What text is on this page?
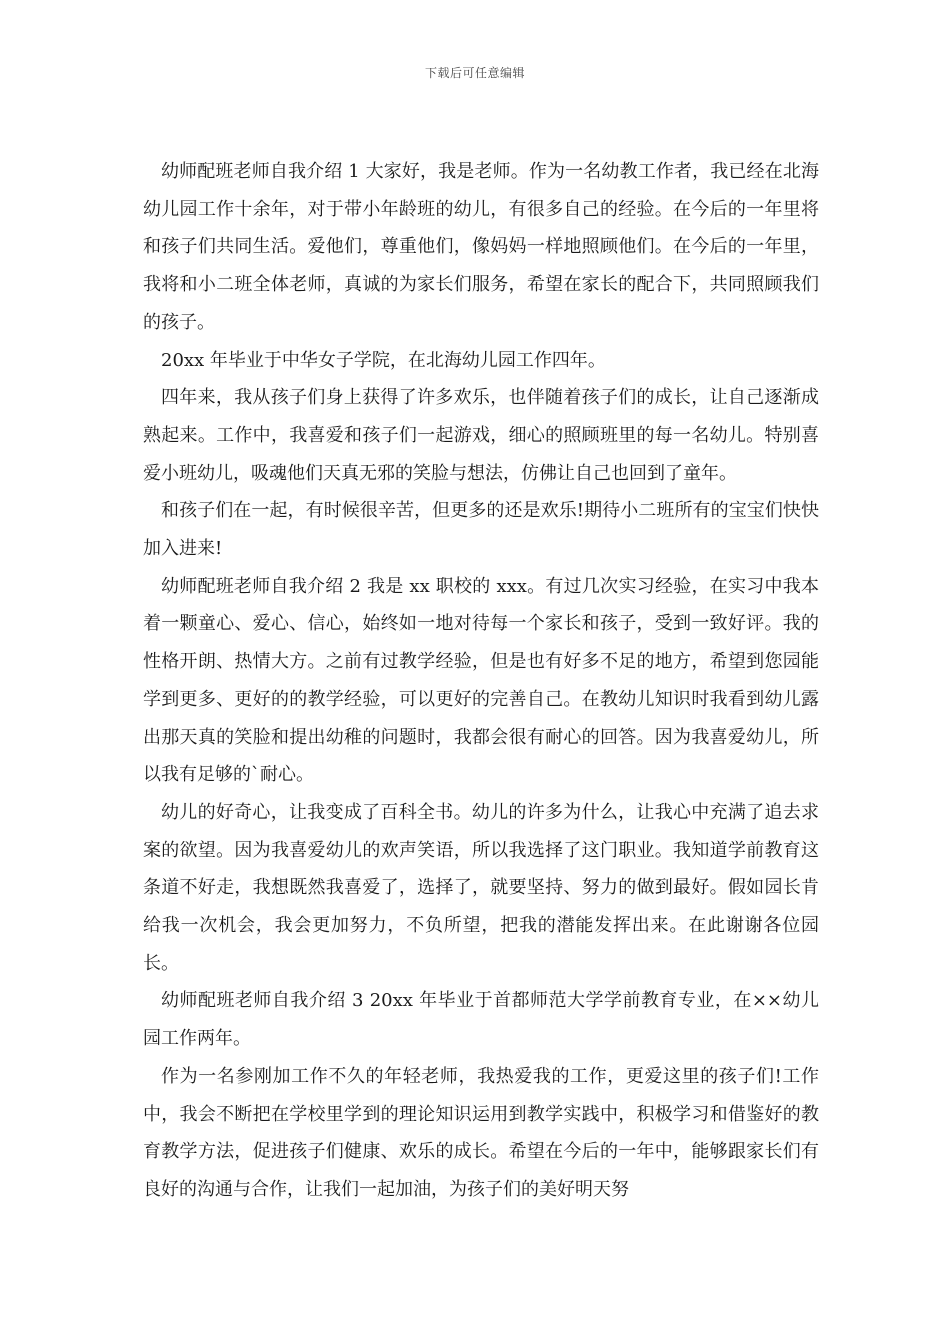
下载后可任意编辑

幼师配班老师自我介绍 1 大家好，我是老师。作为一名幼教工作者，我已经在北海幼儿园工作十余年，对于带小年龄班的幼儿，有很多自己的经验。在今后的一年里将和孩子们共同生活。爱他们，尊重他们，像妈妈一样地照顾他们。在今后的一年里，我将和小二班全体老师，真诚的为家长们服务，希望在家长的配合下，共同照顾我们的孩子。

20xx 年毕业于中华女子学院，在北海幼儿园工作四年。

四年来，我从孩子们身上获得了许多欢乐，也伴随着孩子们的成长，让自己逐渐成熟起来。工作中，我喜爱和孩子们一起游戏，细心的照顾班里的每一名幼儿。特别喜爱小班幼儿，吸魂他们天真无邪的笑脸与想法，仿佛让自己也回到了童年。

和孩子们在一起，有时候很辛苦，但更多的还是欢乐!期待小二班所有的宝宝们快快加入进来!

幼师配班老师自我介绍 2 我是 xx 职校的 xxx。有过几次实习经验，在实习中我本着一颗童心、爱心、信心，始终如一地对待每一个家长和孩子，受到一致好评。我的性格开朗、热情大方。之前有过教学经验，但是也有好多不足的地方，希望到您园能学到更多、更好的的教学经验，可以更好的完善自己。在教幼儿知识时我看到幼儿露出那天真的笑脸和提出幼稚的问题时，我都会很有耐心的回答。因为我喜爱幼儿，所以我有足够的`耐心。

幼儿的好奇心，让我变成了百科全书。幼儿的许多为什么，让我心中充满了追去求案的欲望。因为我喜爱幼儿的欢声笑语，所以我选择了这门职业。我知道学前教育这条道不好走，我想既然我喜爱了，选择了，就要坚持、努力的做到最好。假如园长肯给我一次机会，我会更加努力，不负所望，把我的潜能发挥出来。在此谢谢各位园长。

幼师配班老师自我介绍 3 20xx 年毕业于首都师范大学学前教育专业，在××幼儿园工作两年。

作为一名参刚加工作不久的年轻老师，我热爱我的工作，更爱这里的孩子们!工作中，我会不断把在学校里学到的理论知识运用到教学实践中，积极学习和借鉴好的教育教学方法，促进孩子们健康、欢乐的成长。希望在今后的一年中，能够跟家长们有良好的沟通与合作，让我们一起加油，为孩子们的美好明天努
